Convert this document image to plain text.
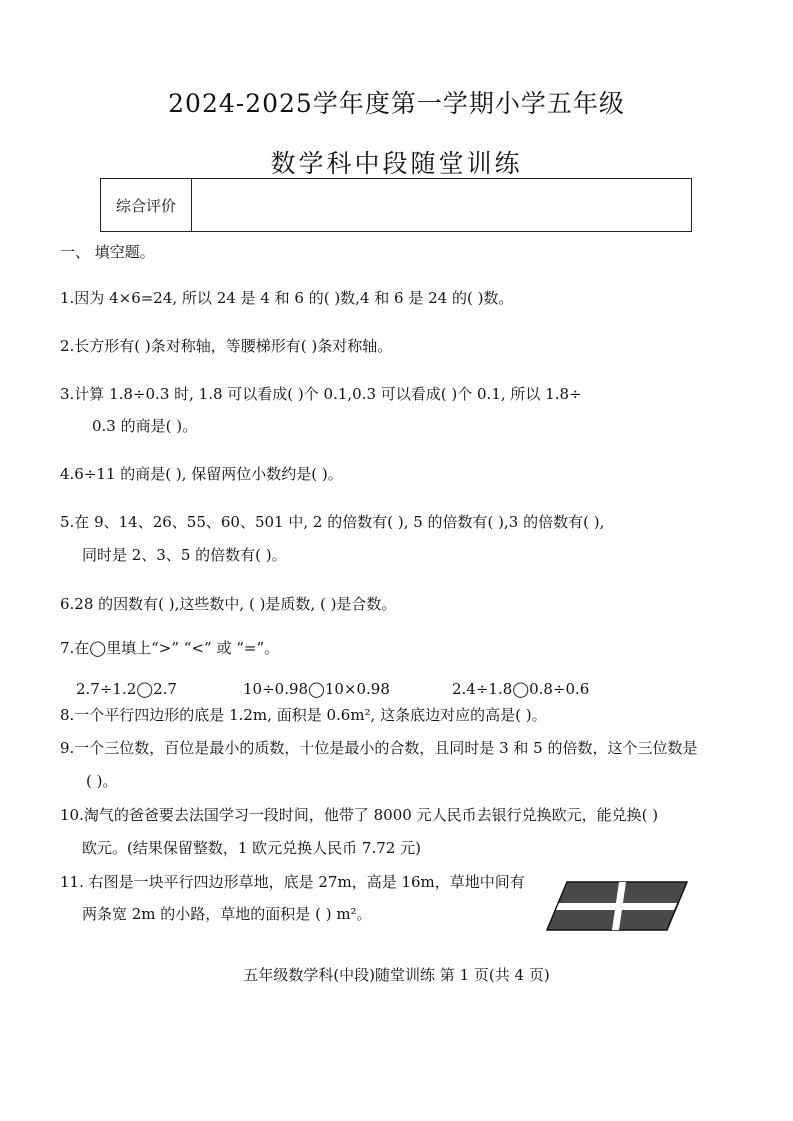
2024-2025学年度第一学期小学五年级
数学科中段随堂训练
综合评价
一、 填空题。
1.因为 4×6=24, 所以 24 是 4 和 6 的( )数,4 和 6 是 24 的( )数。
2.长方形有( )条对称轴，等腰梯形有( )条对称轴。
3.计算 1.8÷0.3 时, 1.8 可以看成( )个 0.1,0.3 可以看成( )个 0.1, 所以 1.8÷
0.3 的商是( )。
4.6÷11 的商是( ), 保留两位小数约是( )。
5.在 9、14、26、55、60、501 中, 2 的倍数有( ), 5 的倍数有( ),3 的倍数有( ),
同时是 2、3、5 的倍数有( )。
6.28 的因数有( ),这些数中, ( )是质数, ( )是合数。
7.在◯里填上“>” “<” 或 “=”。
2.7÷1.2◯2.7	10÷0.98◯10×0.98	2.4÷1.8◯0.8÷0.6
8.一个平行四边形的底是 1.2m, 面积是 0.6m², 这条底边对应的高是( )。
9.一个三位数，百位是最小的质数，十位是最小的合数，且同时是 3 和 5 的倍数，这个三位数是
( )。
10.淘气的爸爸要去法国学习一段时间，他带了 8000 元人民币去银行兑换欧元，能兑换( )
欧元。(结果保留整数，1 欧元兑换人民币 7.72 元)
11. 右图是一块平行四边形草地，底是 27m，高是 16m，草地中间有
两条宽 2m 的小路，草地的面积是 ( ) m²。
五年级数学科(中段)随堂训练 第 1 页(共 4 页)
